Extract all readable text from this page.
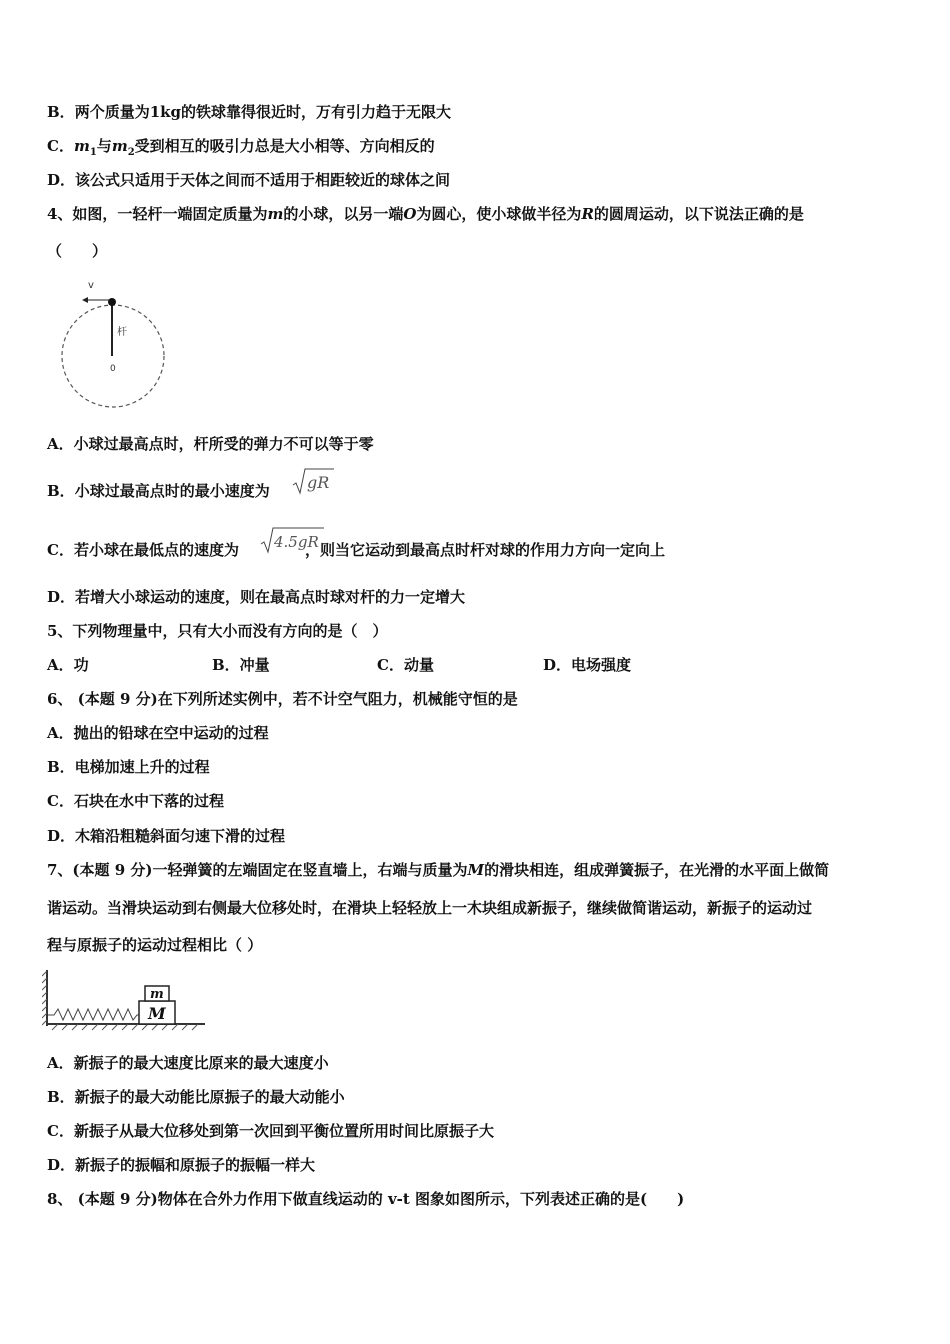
B．两个质量为1kg的铁球靠得很近时，万有引力趋于无限大
C．$m_1$与$m_2$受到相互的吸引力总是大小相等、方向相反的
D．该公式只适用于天体之间而不适用于相距较近的球体之间
4、如图，一轻杆一端固定质量为m的小球，以另一端O为圆心，使小球做半径为R的圆周运动，以下说法正确的是
（　　）
v
杆
0
A．小球过最高点时，杆所受的弹力不可以等于零
B．小球过最高点时的最小速度为 gR
C．若小球在最低点的速度为	，则当它运动到最高点时杆对球的作用力方向一定向上
4.5gR
D．若增大小球运动的速度，则在最高点时球对杆的力一定增大
5、下列物理量中，只有大小而没有方向的是（　）
A．功	B．冲量	C．动量	D．电场强度
6、 (本题 9 分)在下列所述实例中，若不计空气阻力，机械能守恒的是
A．抛出的铅球在空中运动的过程
B．电梯加速上升的过程
C．石块在水中下落的过程
D．木箱沿粗糙斜面匀速下滑的过程
7、(本题 9 分)一轻弹簧的左端固定在竖直墙上，右端与质量为M的滑块相连，组成弹簧振子，在光滑的水平面上做简
谐运动。当滑块运动到右侧最大位移处时，在滑块上轻轻放上一木块组成新振子，继续做简谐运动，新振子的运动过
程与原振子的运动过程相比（ ）
m
M
A．新振子的最大速度比原来的最大速度小
B．新振子的最大动能比原振子的最大动能小
C．新振子从最大位移处到第一次回到平衡位置所用时间比原振子大
D．新振子的振幅和原振子的振幅一样大
8、 (本题 9 分)物体在合外力作用下做直线运动的 v-t 图象如图所示，下列表述正确的是(　　)
